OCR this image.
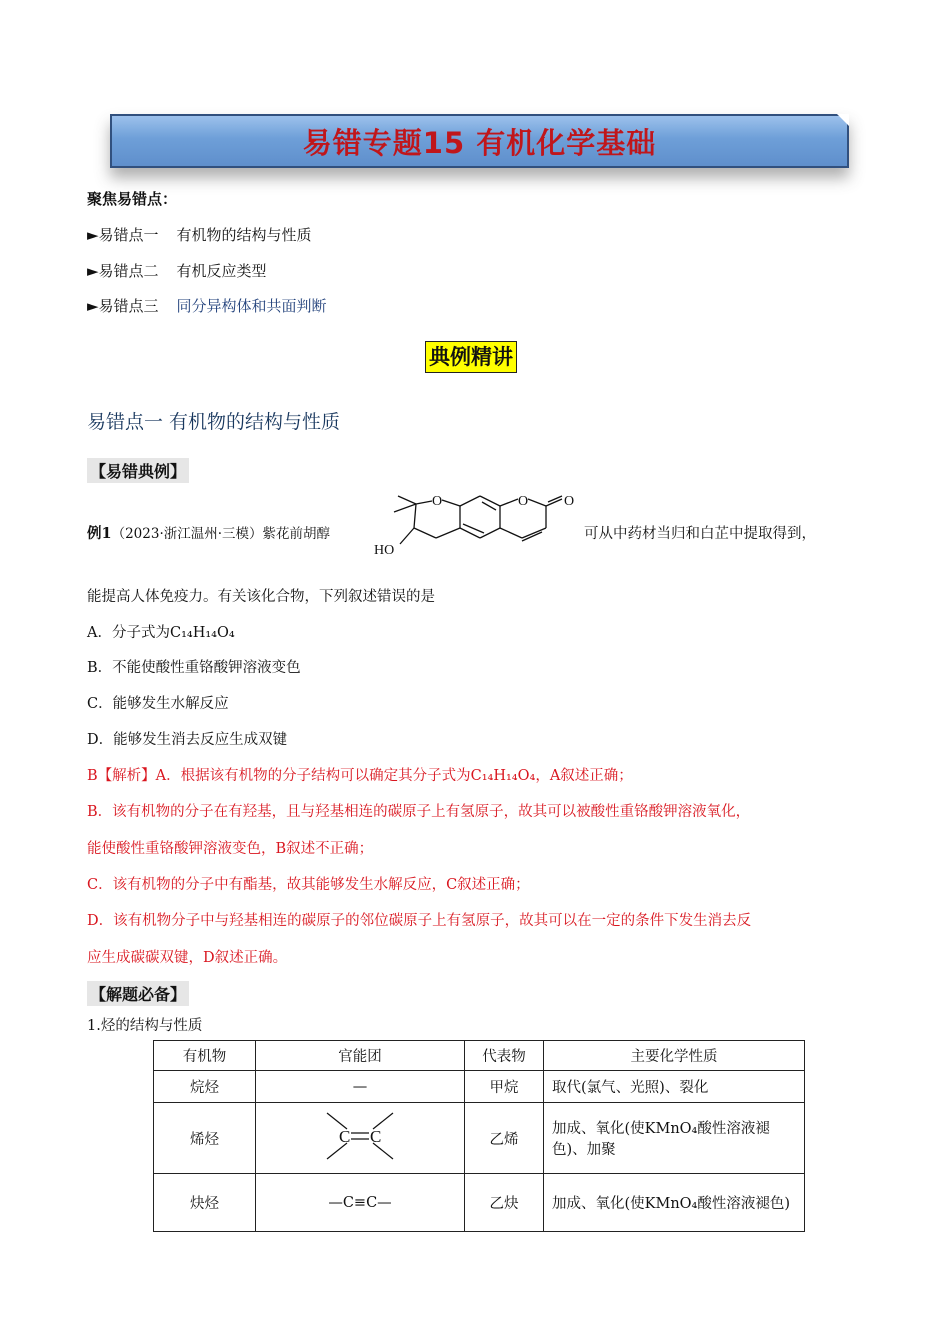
易错专题15 有机化学基础
聚焦易错点：
►易错点一 有机物的结构与性质
►易错点二 有机反应类型
►易错点三 同分异构体和共面判断
典例精讲
易错点一 有机物的结构与性质
【易错典例】
例1（2023·浙江温州·三模）紫花前胡醇
O	O	O
HO
可从中药材当归和白芷中提取得到，
能提高人体免疫力。有关该化合物，下列叙述错误的是
A．分子式为C₁₄H₁₄O₄
B．不能使酸性重铬酸钾溶液变色
C．能够发生水解反应
D．能够发生消去反应生成双键
B【解析】A．根据该有机物的分子结构可以确定其分子式为C₁₄H₁₄O₄，A叙述正确；
B．该有机物的分子在有羟基，且与羟基相连的碳原子上有氢原子，故其可以被酸性重铬酸钾溶液氧化，
能使酸性重铬酸钾溶液变色，B叙述不正确；
C．该有机物的分子中有酯基，故其能够发生水解反应，C叙述正确；
D．该有机物分子中与羟基相连的碳原子的邻位碳原子上有氢原子，故其可以在一定的条件下发生消去反
应生成碳碳双键，D叙述正确。
【解题必备】
1.烃的结构与性质
有机物	官能团	代表物	主要化学性质
烷烃	—	甲烷	取代(氯气、光照)、裂化
烯烃	C C	乙烯	加成、氧化(使KMnO₄酸性溶液褪色)、加聚
炔烃	—C≡C—	乙炔	加成、氧化(使KMnO₄酸性溶液褪色)
